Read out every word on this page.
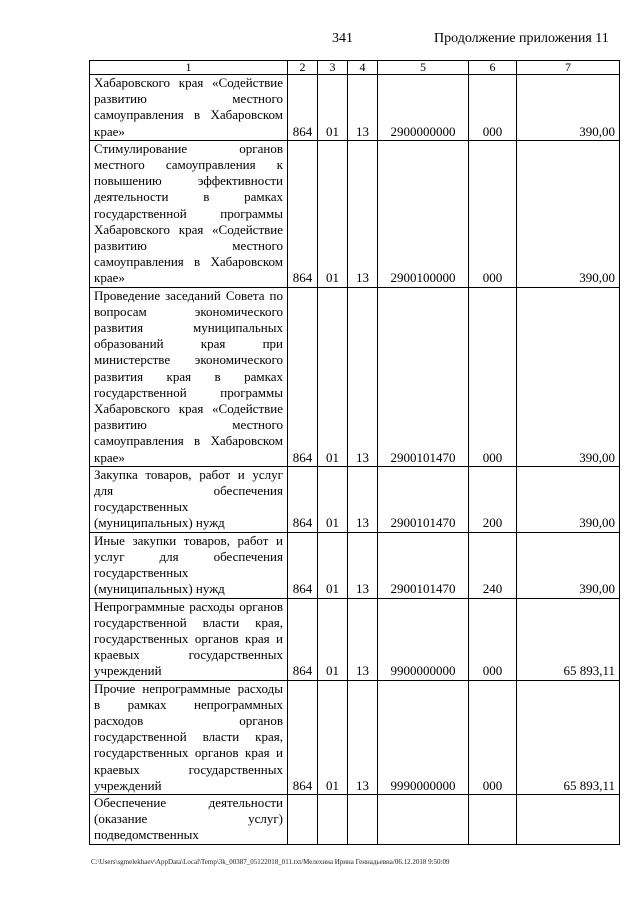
341	Продолжение приложения 11
1	2	3	4	5	6	7
Хабаровского края «Содействие развитию местного самоуправления в Хабаровском крае»	864	01	13	2900000000	000	390,00
Стимулирование органов местного самоуправления к повышению эффективности деятельности в рамках государственной программы Хабаровского края «Содействие развитию местного самоуправления в Хабаровском крае»	864	01	13	2900100000	000	390,00
Проведение заседаний Совета по вопросам экономического развития муниципальных образований края при министерстве экономического развития края в рамках государственной программы Хабаровского края «Содействие развитию местного самоуправления в Хабаровском крае»	864	01	13	2900101470	000	390,00
Закупка товаров, работ и услуг для обеспечения государственных (муниципальных) нужд	864	01	13	2900101470	200	390,00
Иные закупки товаров, работ и услуг для обеспечения государственных (муниципальных) нужд	864	01	13	2900101470	240	390,00
Непрограммные расходы органов государственной власти края, государственных органов края и краевых государственных учреждений	864	01	13	9900000000	000	65 893,11
Прочие непрограммные расходы в рамках непрограммных расходов органов государственной власти края, государственных органов края и краевых государственных учреждений	864	01	13	9990000000	000	65 893,11
Обеспечение деятельности (оказание услуг) подведомственных						
C:\Users\sgmelekhaev\AppData\Local\Temp\3k_00387_05122018_011.txt/Мелехина Ирина Геннадьевна/06.12.2018 9:50:09
